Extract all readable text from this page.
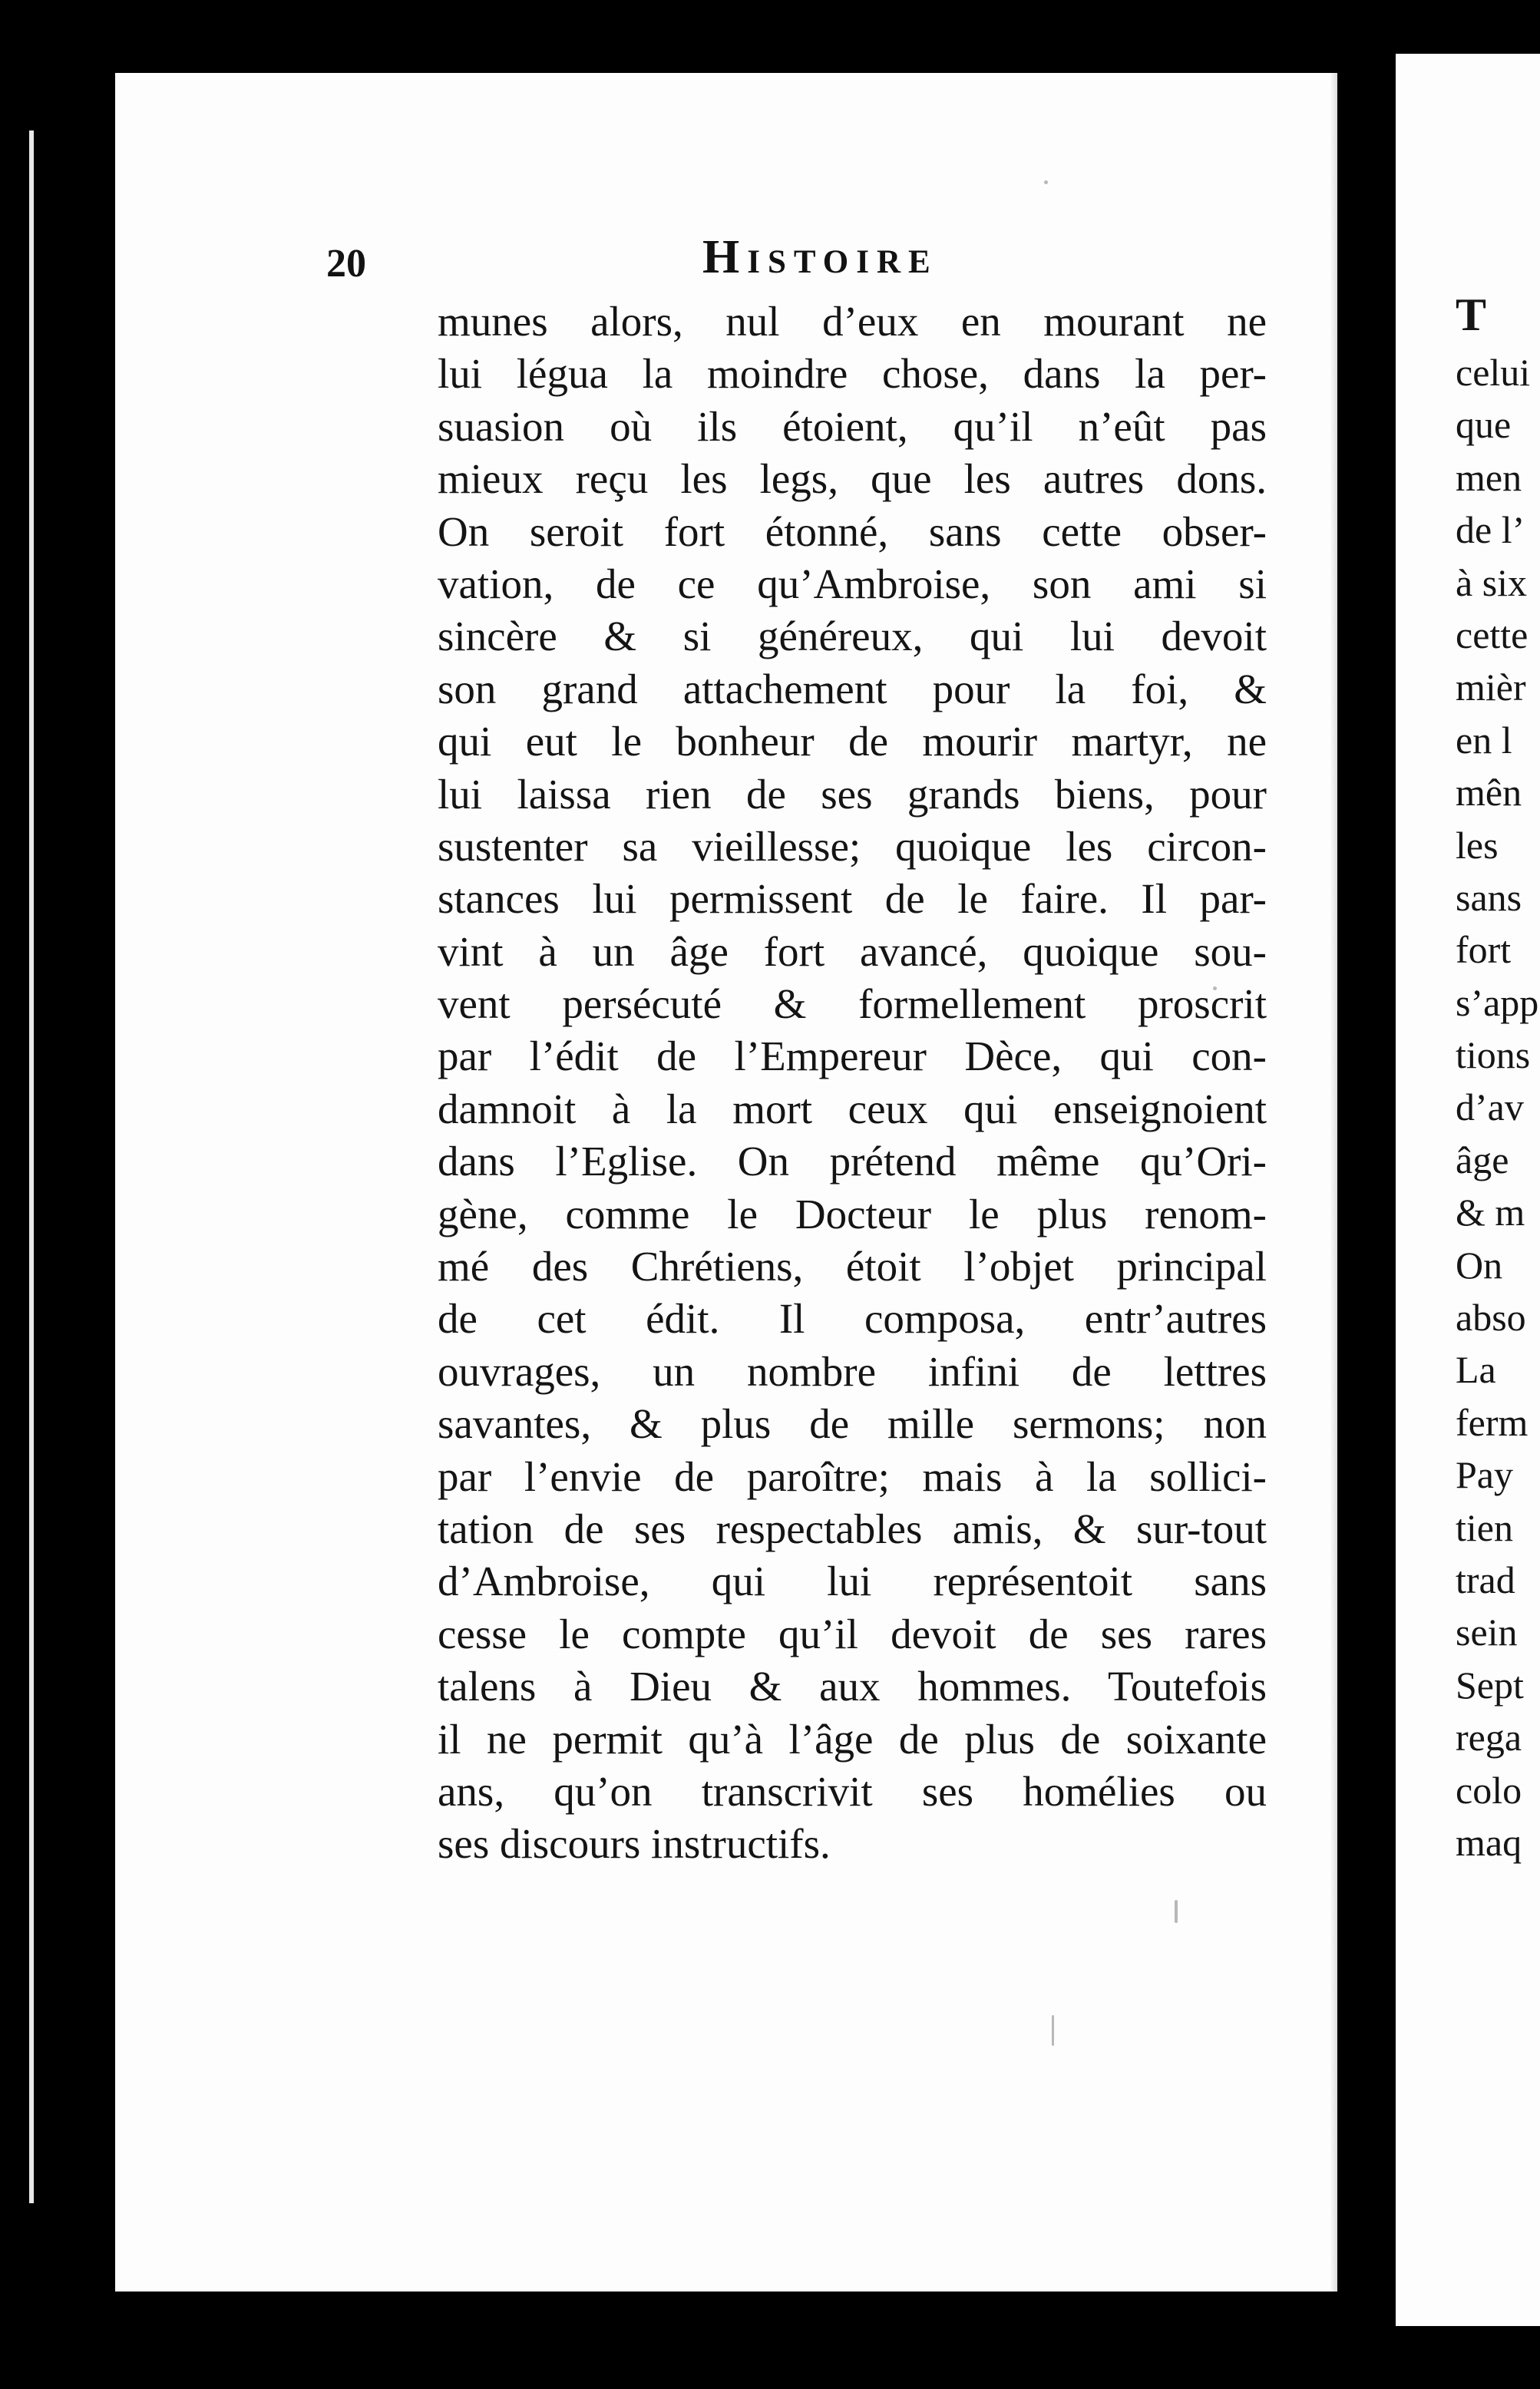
T
celui
que
men
de l’
à six
cette
mièr
en l
mên
les
sans
fort
s’app
tions
d’av
âge
& m
On
abso
La
ferm
Pay
tien
trad
sein
Sept
rega
colo
maq
20	Histoire
munes alors, nul d’eux en mourant ne
lui légua la moindre chose, dans la per-
suasion où ils étoient, qu’il n’eût pas
mieux reçu les legs, que les autres dons.
On seroit fort étonné, sans cette obser-
vation, de ce qu’Ambroise, son ami si
sincère & si généreux, qui lui devoit
son grand attachement pour la foi, &
qui eut le bonheur de mourir martyr, ne
lui laissa rien de ses grands biens, pour
sustenter sa vieillesse; quoique les circon-
stances lui permissent de le faire. Il par-
vint à un âge fort avancé, quoique sou-
vent persécuté & formellement proscrit
par l’édit de l’Empereur Dèce, qui con-
damnoit à la mort ceux qui enseignoient
dans l’Eglise. On prétend même qu’Ori-
gène, comme le Docteur le plus renom-
mé des Chrétiens, étoit l’objet principal
de cet édit. Il composa, entr’autres
ouvrages, un nombre infini de lettres
savantes, & plus de mille sermons; non
par l’envie de paroître; mais à la sollici-
tation de ses respectables amis, & sur-tout
d’Ambroise, qui lui représentoit sans
cesse le compte qu’il devoit de ses rares
talens à Dieu & aux hommes. Toutefois
il ne permit qu’à l’âge de plus de soixante
ans, qu’on transcrivit ses homélies ou
ses discours instructifs.
